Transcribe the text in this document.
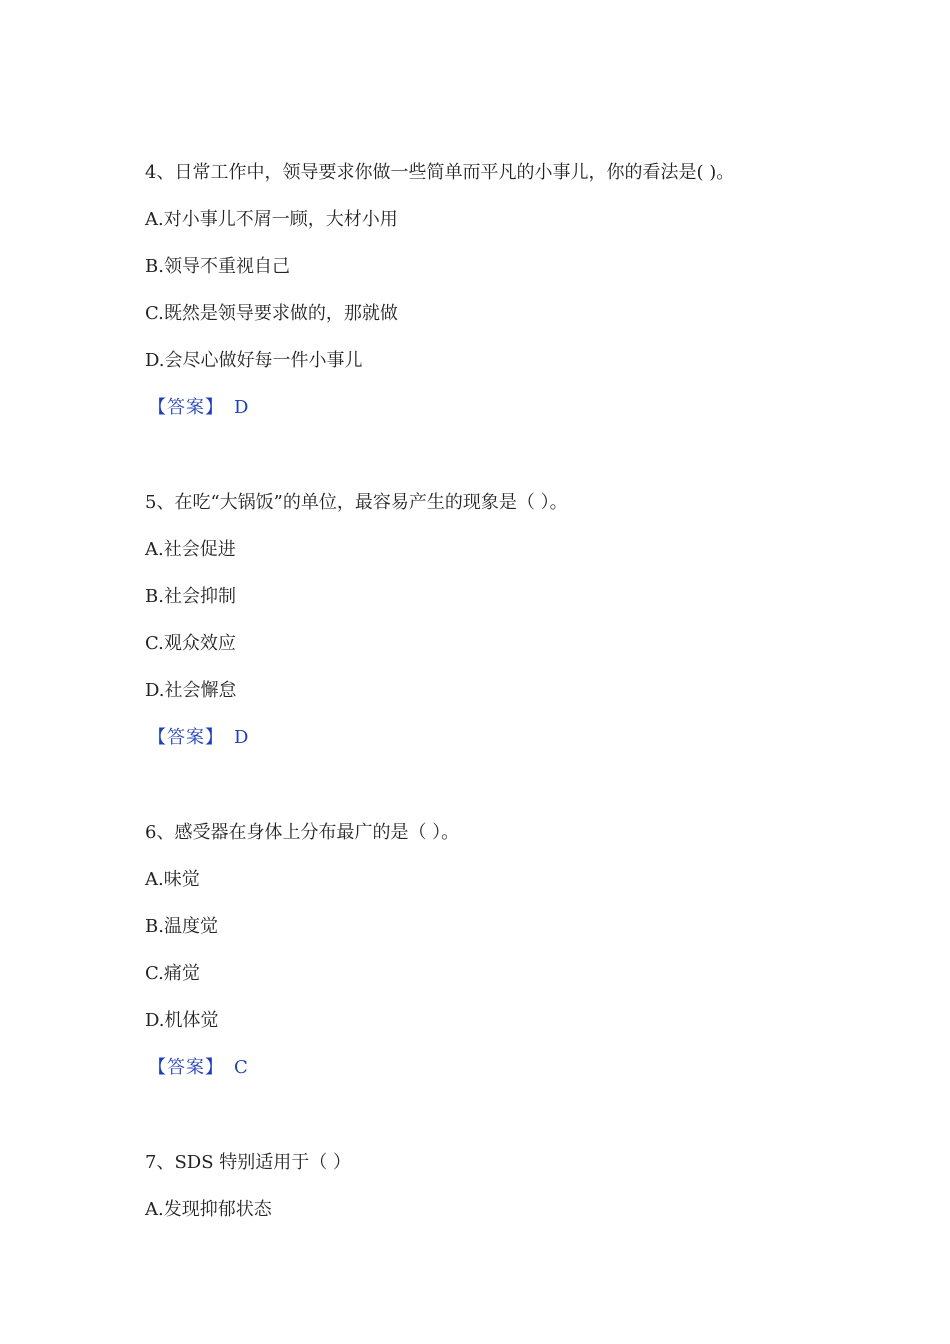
4、日常工作中，领导要求你做一些简单而平凡的小事儿，你的看法是( )。
A.对小事儿不屑一顾，大材小用
B.领导不重视自己
C.既然是领导要求做的，那就做
D.会尽心做好每一件小事儿
【答案】 D
5、在吃“大锅饭”的单位，最容易产生的现象是（ ）。
A.社会促进
B.社会抑制
C.观众效应
D.社会懈怠
【答案】 D
6、感受器在身体上分布最广的是（ ）。
A.味觉
B.温度觉
C.痛觉
D.机体觉
【答案】 C
7、SDS 特别适用于（ ）
A.发现抑郁状态
